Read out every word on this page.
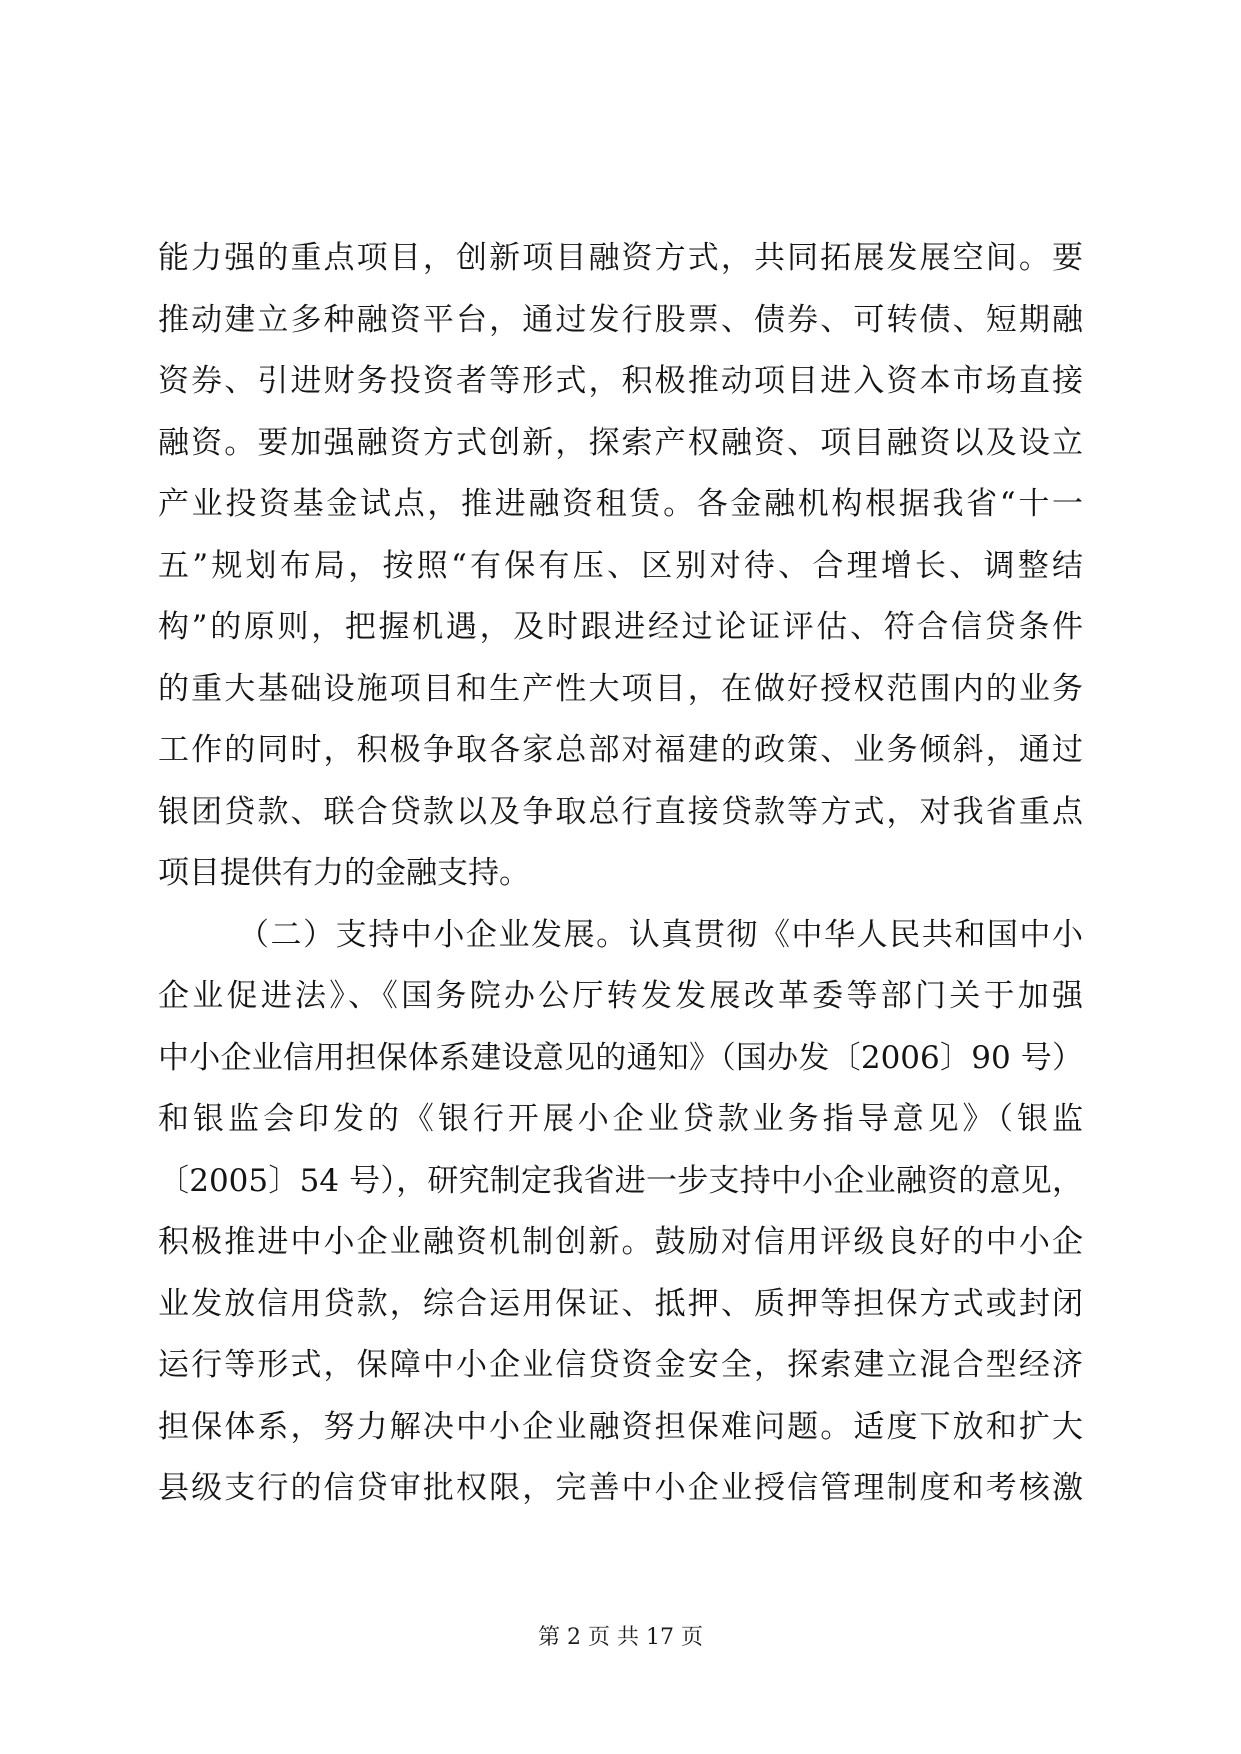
能力强的重点项目，创新项目融资方式，共同拓展发展空间。要
推动建立多种融资平台，通过发行股票、债券、可转债、短期融
资券、引进财务投资者等形式，积极推动项目进入资本市场直接
融资。要加强融资方式创新，探索产权融资、项目融资以及设立
产业投资基金试点，推进融资租赁。各金融机构根据我省“十一
五”规划布局，按照“有保有压、区别对待、合理增长、调整结
构”的原则，把握机遇，及时跟进经过论证评估、符合信贷条件
的重大基础设施项目和生产性大项目，在做好授权范围内的业务
工作的同时，积极争取各家总部对福建的政策、业务倾斜，通过
银团贷款、联合贷款以及争取总行直接贷款等方式，对我省重点
项目提供有力的金融支持。
（二）支持中小企业发展。认真贯彻《中华人民共和国中小
企业促进法》、《国务院办公厅转发发展改革委等部门关于加强
中小企业信用担保体系建设意见的通知》（国办发〔2006〕90 号）
和银监会印发的《银行开展小企业贷款业务指导意见》（银监
〔2005〕54 号），研究制定我省进一步支持中小企业融资的意见，
积极推进中小企业融资机制创新。鼓励对信用评级良好的中小企
业发放信用贷款，综合运用保证、抵押、质押等担保方式或封闭
运行等形式，保障中小企业信贷资金安全，探索建立混合型经济
担保体系，努力解决中小企业融资担保难问题。适度下放和扩大
县级支行的信贷审批权限，完善中小企业授信管理制度和考核激
第 2 页 共 17 页
